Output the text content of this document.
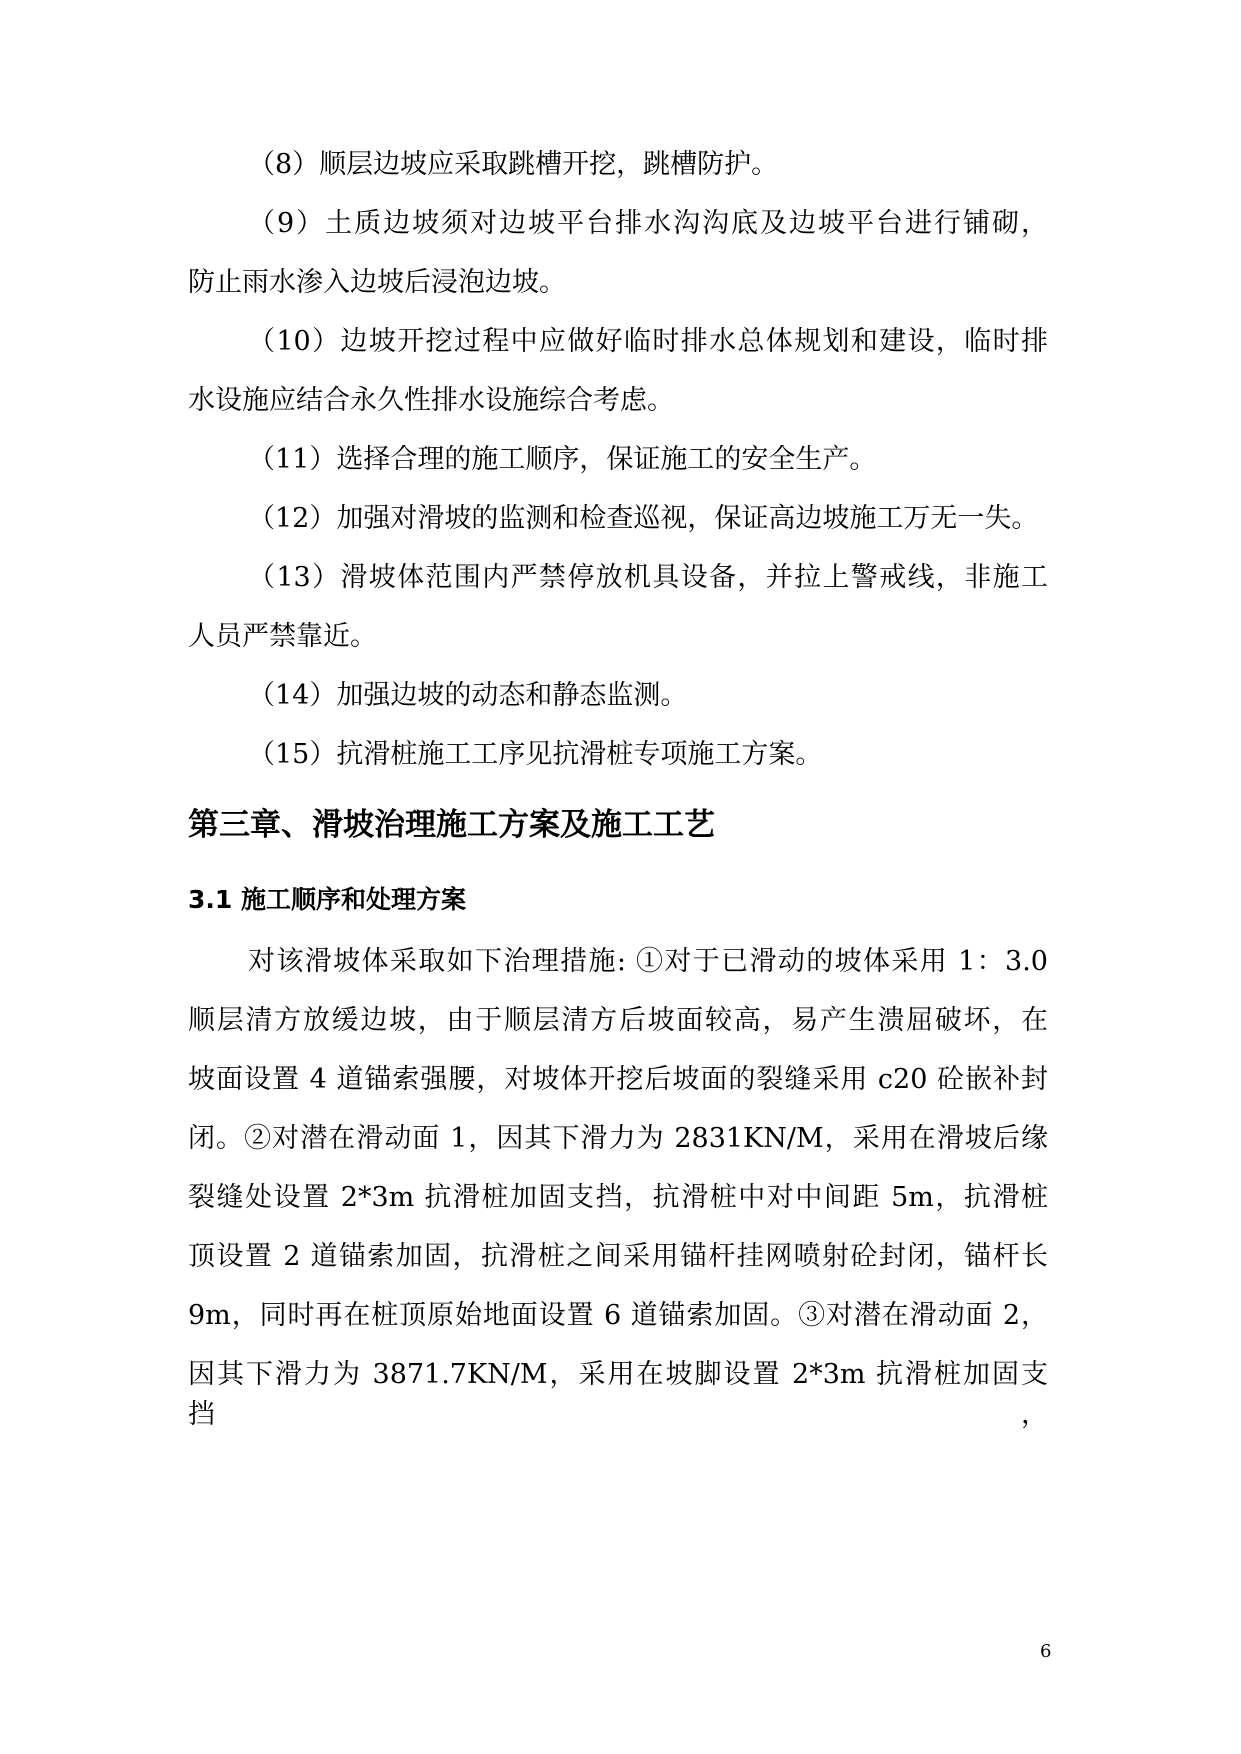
（8）顺层边坡应采取跳槽开挖，跳槽防护。
（9）土质边坡须对边坡平台排水沟沟底及边坡平台进行铺砌，
防止雨水渗入边坡后浸泡边坡。
（10）边坡开挖过程中应做好临时排水总体规划和建设，临时排
水设施应结合永久性排水设施综合考虑。
（11）选择合理的施工顺序，保证施工的安全生产。
（12）加强对滑坡的监测和检查巡视，保证高边坡施工万无一失。
（13）滑坡体范围内严禁停放机具设备，并拉上警戒线，非施工
人员严禁靠近。
（14）加强边坡的动态和静态监测。
（15）抗滑桩施工工序见抗滑桩专项施工方案。
第三章、滑坡治理施工方案及施工工艺
3.1 施工顺序和处理方案
对该滑坡体采取如下治理措施: ①对于已滑动的坡体采用 1：3.0
顺层清方放缓边坡，由于顺层清方后坡面较高，易产生溃屈破坏，在
坡面设置 4 道锚索强腰，对坡体开挖后坡面的裂缝采用 c20 砼嵌补封
闭。②对潜在滑动面 1，因其下滑力为 2831KN/M，采用在滑坡后缘
裂缝处设置 2*3m 抗滑桩加固支挡，抗滑桩中对中间距 5m，抗滑桩
顶设置 2 道锚索加固，抗滑桩之间采用锚杆挂网喷射砼封闭，锚杆长
9m，同时再在桩顶原始地面设置 6 道锚索加固。③对潜在滑动面 2，
因其下滑力为 3871.7KN/M，采用在坡脚设置 2*3m 抗滑桩加固支挡，
6
